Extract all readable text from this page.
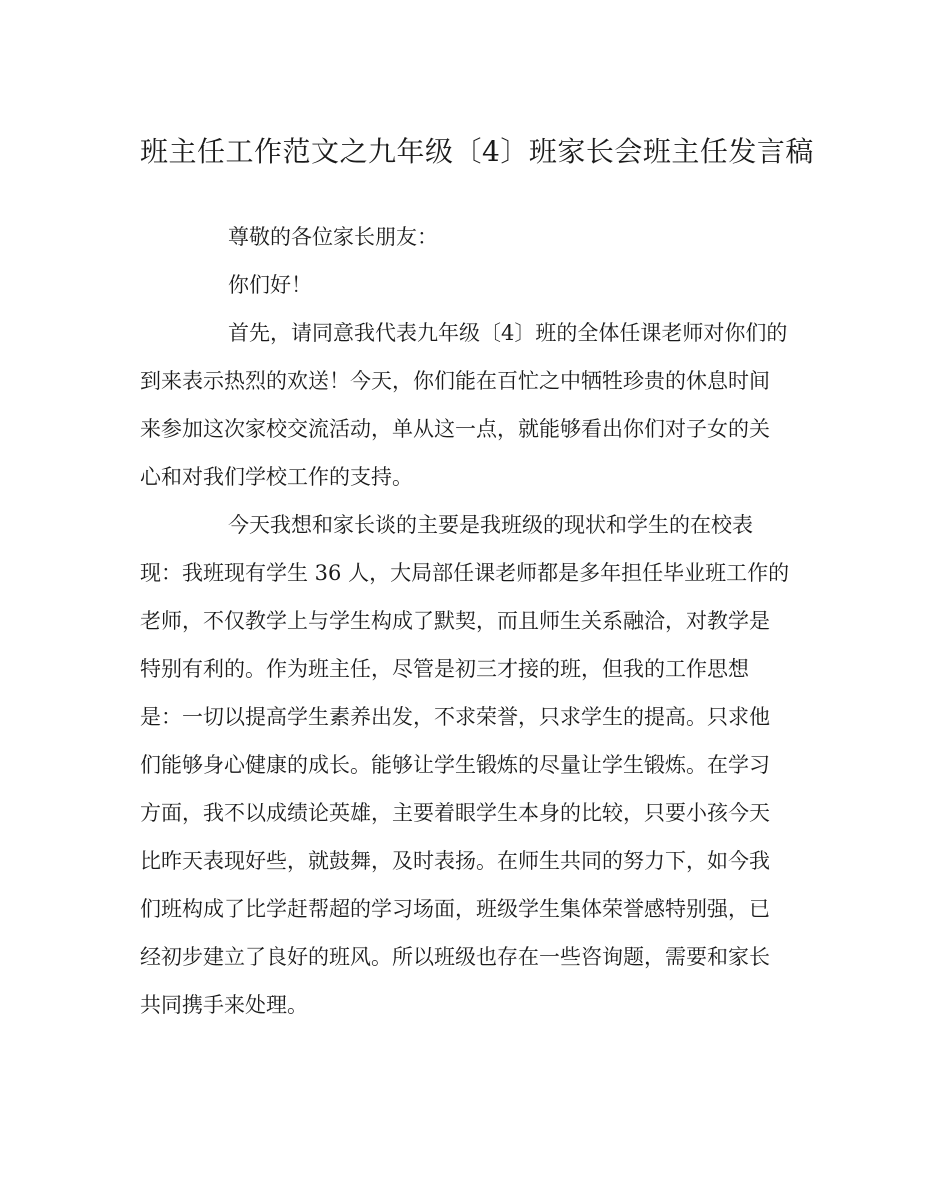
班主任工作范文之九年级〔4〕班家长会班主任发言稿
尊敬的各位家长朋友：
你们好！
首先，请同意我代表九年级〔4〕班的全体任课老师对你们的
到来表示热烈的欢送！今天，你们能在百忙之中牺牲珍贵的休息时间
来参加这次家校交流活动，单从这一点，就能够看出你们对子女的关
心和对我们学校工作的支持。
今天我想和家长谈的主要是我班级的现状和学生的在校表
现：我班现有学生 36 人，大局部任课老师都是多年担任毕业班工作的
老师，不仅教学上与学生构成了默契，而且师生关系融洽，对教学是
特别有利的。作为班主任，尽管是初三才接的班，但我的工作思想
是：一切以提高学生素养出发，不求荣誉，只求学生的提高。只求他
们能够身心健康的成长。能够让学生锻炼的尽量让学生锻炼。在学习
方面，我不以成绩论英雄，主要着眼学生本身的比较，只要小孩今天
比昨天表现好些，就鼓舞，及时表扬。在师生共同的努力下，如今我
们班构成了比学赶帮超的学习场面，班级学生集体荣誉感特别强，已
经初步建立了良好的班风。所以班级也存在一些咨询题，需要和家长
共同携手来处理。
